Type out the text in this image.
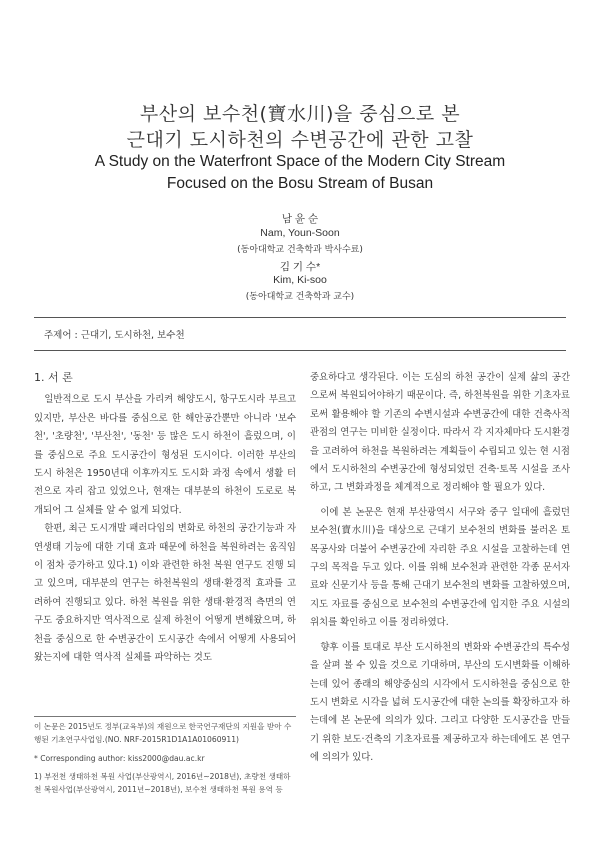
부산의 보수천(寶水川)을 중심으로 본
근대기 도시하천의 수변공간에 관한 고찰
A Study on the Waterfront Space of the Modern City Stream
Focused on the Bosu Stream of Busan
남 윤 순
Nam, Youn-Soon
(동아대학교 건축학과 박사수료)
김 기 수*
Kim, Ki-soo
(동아대학교 건축학과 교수)
주제어 : 근대기, 도시하천, 보수천

1. 서 론

일반적으로 도시 부산을 가리켜 해양도시, 항구도시라 부르고 있지만, 부산은 바다를 중심으로 한 해안공간뿐만 아니라 '보수천', '초량천', '부산천', '동천' 등 많은 도시 하천이 흘렀으며, 이를 중심으로 주요 도시공간이 형성된 도시이다. 이러한 부산의 도시 하천은 1950년대 이후까지도 도시화 과정 속에서 생활 터전으로 자리 잡고 있었으나, 현재는 대부분의 하천이 도로로 복개되어 그 실체를 알 수 없게 되었다.

한편, 최근 도시개발 패러다임의 변화로 하천의 공간기능과 자연생태 기능에 대한 기대 효과 때문에 하천을 복원하려는 움직임이 점차 증가하고 있다.1) 이와 관련한 하천 복원 연구도 진행 되고 있으며, 대부분의 연구는 하천복원의 생태·환경적 효과를 고려하여 진행되고 있다. 하천 복원을 위한 생태·환경적 측면의 연구도 중요하지만 역사적으로 실제 하천이 어떻게 변해왔으며, 하천을 중심으로 한 수변공간이 도시공간 속에서 어떻게 사용되어 왔는지에 대한 역사적 실체를 파악하는 것도

중요하다고 생각된다. 이는 도심의 하천 공간이 실제 삶의 공간으로써 복원되어야하기 때문이다. 즉, 하천복원을 위한 기초자료로써 활용해야 할 기존의 수변시설과 수변공간에 대한 건축사적 관점의 연구는 미비한 실정이다. 따라서 각 지자체마다 도시환경을 고려하여 하천을 복원하려는 계획들이 수립되고 있는 현 시점에서 도시하천의 수변공간에 형성되었던 건축·토목 시설을 조사하고, 그 변화과정을 체계적으로 정리해야 할 필요가 있다.

이에 본 논문은 현재 부산광역시 서구와 중구 일대에 흘렀던 보수천(寶水川)을 대상으로 근대기 보수천의 변화를 불러온 토목공사와 더불어 수변공간에 자리한 주요 시설을 고찰하는데 연구의 목적을 두고 있다. 이를 위해 보수천과 관련한 각종 문서자료와 신문기사 등을 통해 근대기 보수천의 변화를 고찰하였으며, 지도 자료를 중심으로 보수천의 수변공간에 입지한 주요 시설의 위치를 확인하고 이를 정리하였다.

향후 이를 토대로 부산 도시하천의 변화와 수변공간의 특수성을 살펴 볼 수 있을 것으로 기대하며, 부산의 도시변화를 이해하는데 있어 종래의 해양중심의 시각에서 도시하천을 중심으로 한 도시 변화로 시각을 넓혀 도시공간에 대한 논의를 확장하고자 하는데에 본 논문에 의의가 있다. 그리고 다양한 도시공간을 만들기 위한 보도·건축의 기초자료를 제공하고자 하는데에도 본 연구에 의의가 있다.

이 논문은 2015년도 정부(교육부)의 재원으로 한국연구재단의 지원을 받아 수행된 기초연구사업임.(NO. NRF-2015R1D1A1A01060911)

* Corresponding author: kiss2000@dau.ac.kr

1) 부전천 생태하천 복원 사업(부산광역시, 2016년~2018년), 초량천 생태하천 복원사업(부산광역시, 2011년~2018년), 보수천 생태하천 복원 용역 등
